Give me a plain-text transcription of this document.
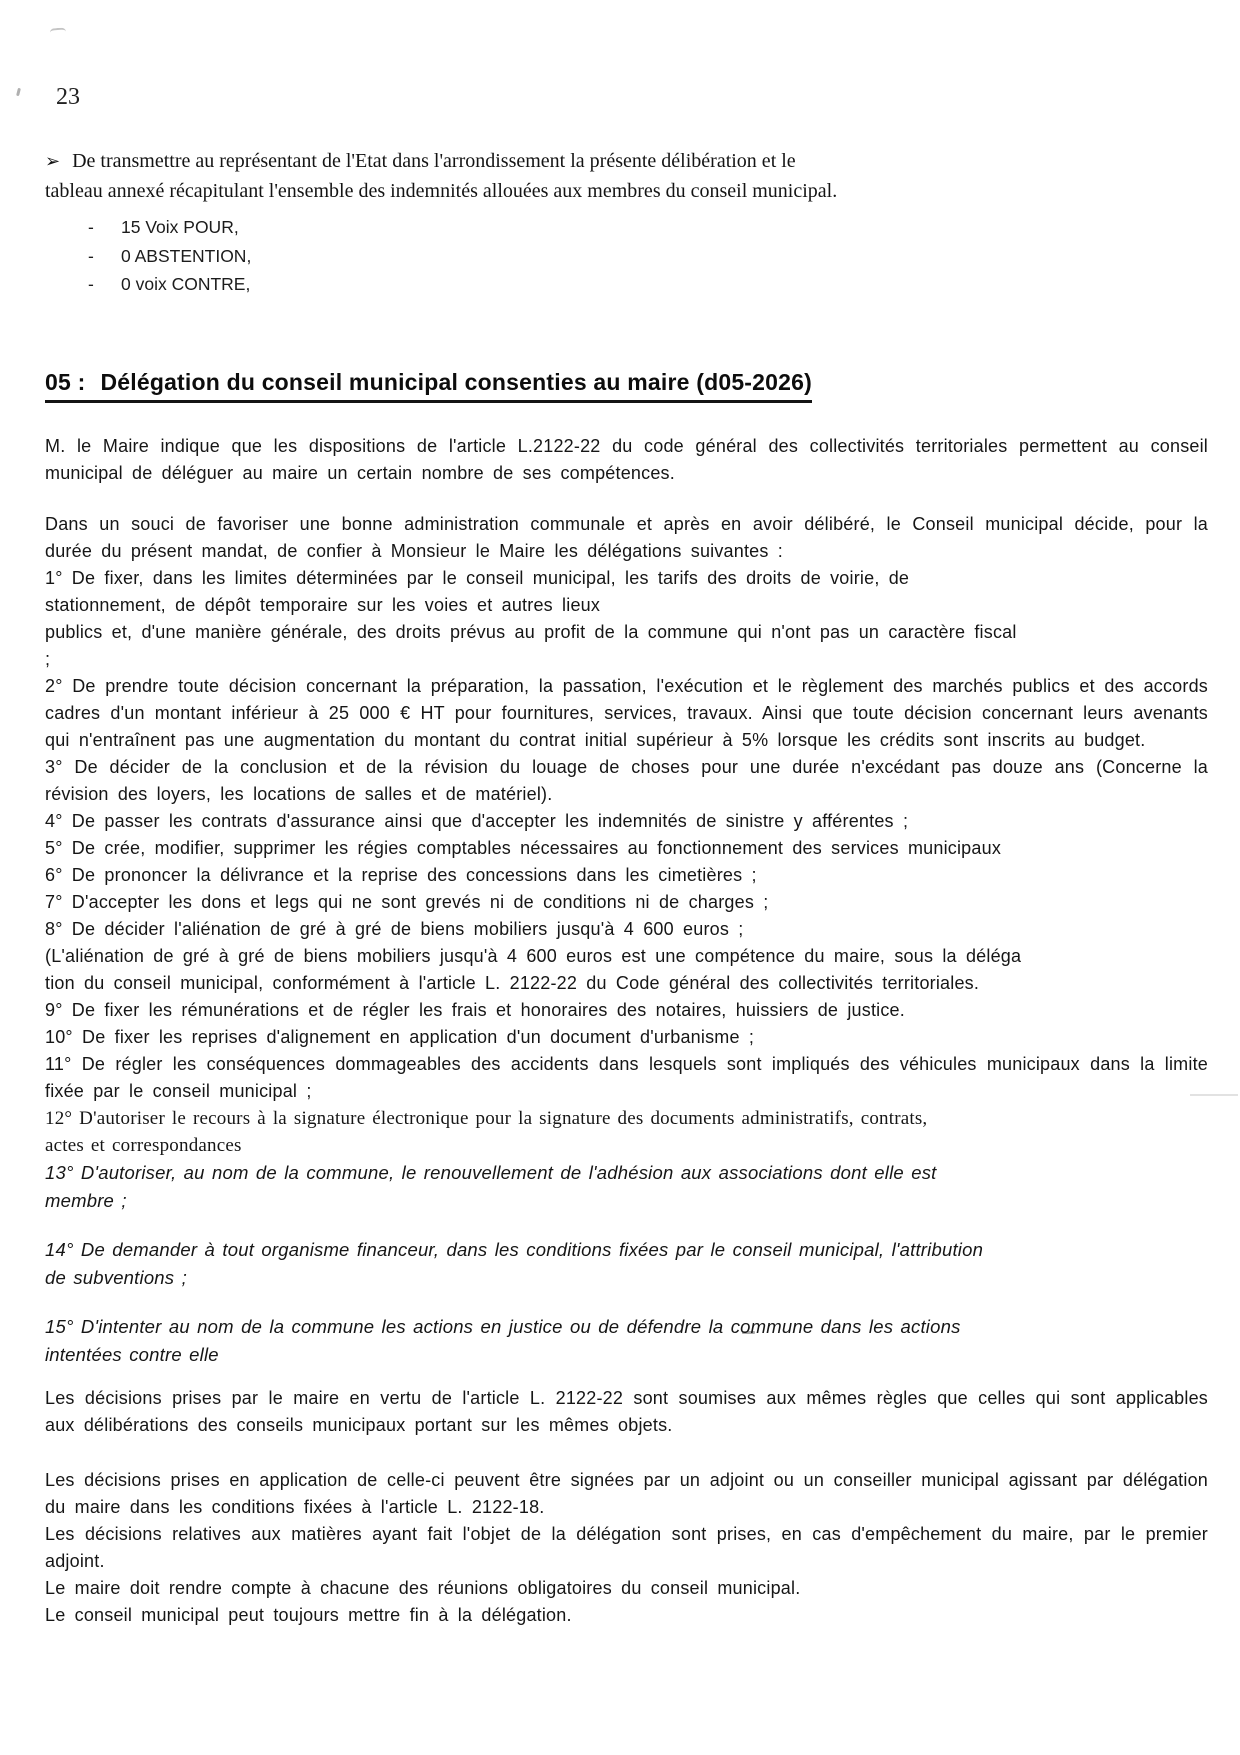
23

➢ De transmettre au représentant de l'Etat dans l'arrondissement la présente délibération et le
tableau annexé récapitulant l'ensemble des indemnités allouées aux membres du conseil municipal.

- 15 Voix POUR,
- 0 ABSTENTION,
- 0 voix CONTRE,
05 : Délégation du conseil municipal consenties au maire (d05-2026)

M. le Maire indique que les dispositions de l'article L.2122-22 du code général des collectivités territoriales permettent au conseil municipal de déléguer au maire un certain nombre de ses compétences.

Dans un souci de favoriser une bonne administration communale et après en avoir délibéré, le Conseil municipal décide, pour la durée du présent mandat, de confier à Monsieur le Maire les délégations suivantes :

1° De fixer, dans les limites déterminées par le conseil municipal, les tarifs des droits de voirie, de

stationnement, de dépôt temporaire sur les voies et autres lieux

publics et, d'une manière générale, des droits prévus au profit de la commune qui n'ont pas un caractère fiscal

;

2° De prendre toute décision concernant la préparation, la passation, l'exécution et le règlement des marchés publics et des accords cadres d'un montant inférieur à 25 000 € HT pour fournitures, services, travaux. Ainsi que toute décision concernant leurs avenants qui n'entraînent pas une augmentation du montant du contrat initial supérieur à 5% lorsque les crédits sont inscrits au budget.

3° De décider de la conclusion et de la révision du louage de choses pour une durée n'excédant pas douze ans (Concerne la révision des loyers, les locations de salles et de matériel).

4° De passer les contrats d'assurance ainsi que d'accepter les indemnités de sinistre y afférentes ;

5° De crée, modifier, supprimer les régies comptables nécessaires au fonctionnement des services municipaux

6° De prononcer la délivrance et la reprise des concessions dans les cimetières ;

7° D'accepter les dons et legs qui ne sont grevés ni de conditions ni de charges ;

8° De décider l'aliénation de gré à gré de biens mobiliers jusqu'à 4 600 euros ;

(L'aliénation de gré à gré de biens mobiliers jusqu'à 4 600 euros est une compétence du maire, sous la déléga

tion du conseil municipal, conformément à l'article L. 2122-22 du Code général des collectivités territoriales.

9° De fixer les rémunérations et de régler les frais et honoraires des notaires, huissiers de justice.

10° De fixer les reprises d'alignement en application d'un document d'urbanisme ;

11° De régler les conséquences dommageables des accidents dans lesquels sont impliqués des véhicules municipaux dans la limite fixée par le conseil municipal ;

12° D'autoriser le recours à la signature électronique pour la signature des documents administratifs, contrats,

actes et correspondances

13° D'autoriser, au nom de la commune, le renouvellement de l'adhésion aux associations dont elle est

membre ;

14° De demander à tout organisme financeur, dans les conditions fixées par le conseil municipal, l'attribution

de subventions ;

15° D'intenter au nom de la commune les actions en justice ou de défendre la commune dans les actions

intentées contre elle

Les décisions prises par le maire en vertu de l'article L. 2122-22 sont soumises aux mêmes règles que celles qui sont applicables aux délibérations des conseils municipaux portant sur les mêmes objets.

Les décisions prises en application de celle-ci peuvent être signées par un adjoint ou un conseiller municipal agissant par délégation du maire dans les conditions fixées à l'article L. 2122-18.

Les décisions relatives aux matières ayant fait l'objet de la délégation sont prises, en cas d'empêchement du maire, par le premier adjoint.

Le maire doit rendre compte à chacune des réunions obligatoires du conseil municipal.

Le conseil municipal peut toujours mettre fin à la délégation.
